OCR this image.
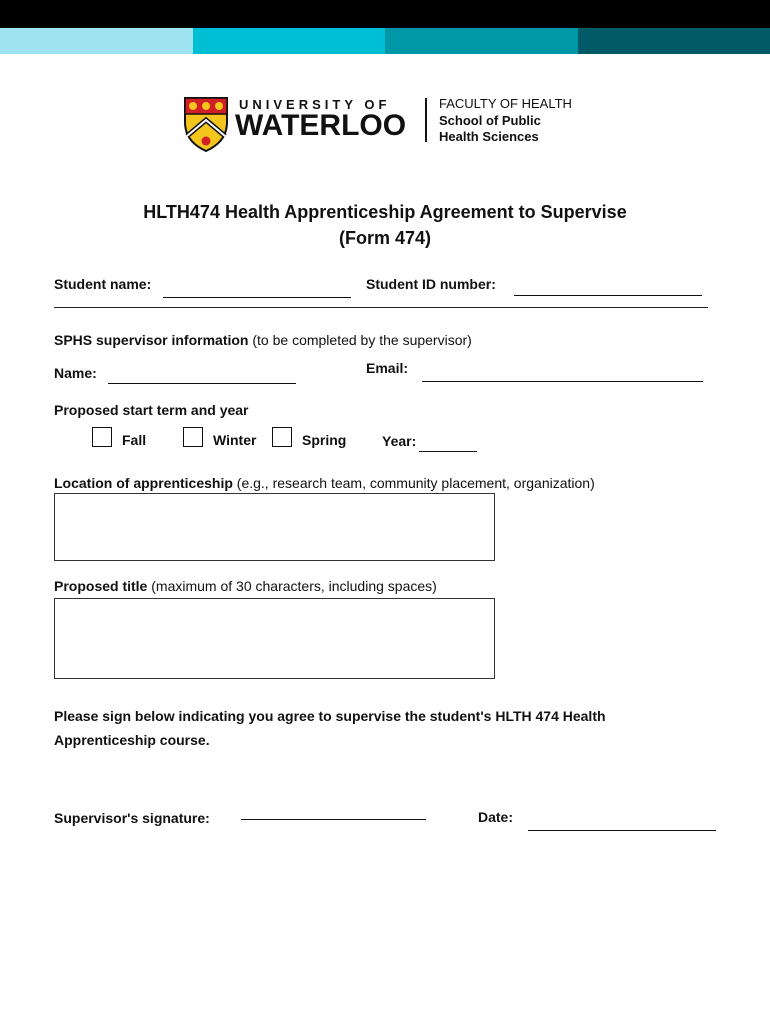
UNIVERSITY OF
WATERLOO
FACULTY OF HEALTH
School of Public
Health Sciences
HLTH474 Health Apprenticeship Agreement to Supervise
(Form 474)
Student name:	Student ID number:
SPHS supervisor information (to be completed by the supervisor)
Name:	Email:
Proposed start term and year
Fall	Winter	Spring	Year:
Location of apprenticeship (e.g., research team, community placement, organization)
Proposed title (maximum of 30 characters, including spaces)
Please sign below indicating you agree to supervise the student's HLTH 474 Health Apprenticeship course.
Supervisor's signature:	Date:
